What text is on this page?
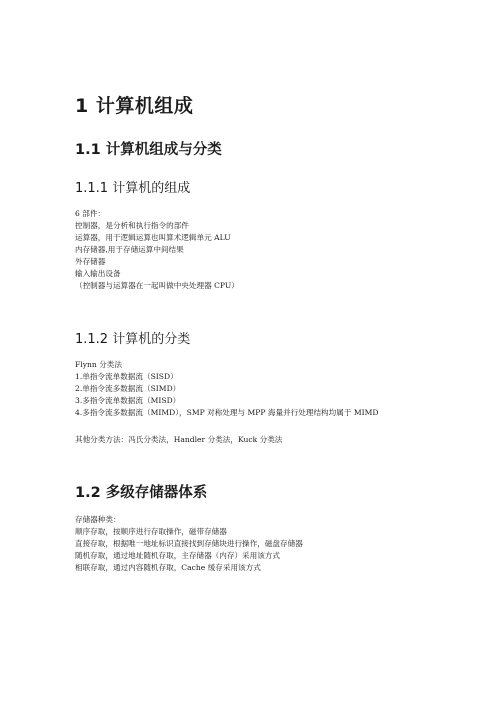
1 计算机组成
1.1 计算机组成与分类
1.1.1 计算机的组成
6 部件：
控制器，是分析和执行指令的部件
运算器，用于逻辑运算也叫算术逻辑单元 ALU
内存储器,用于存储运算中间结果
外存储器
输入输出设备
（控制器与运算器在一起叫做中央处理器 CPU）
1.1.2 计算机的分类
Flynn 分类法
1.单指令流单数据流（SISD）
2.单指令流多数据流（SIMD）
3.多指令流单数据流（MISD）
4.多指令流多数据流（MIMD），SMP 对称处理与 MPP 海量并行处理结构均属于 MIMD
其他分类方法：冯氏分类法，Handler 分类法，Kuck 分类法
1.2 多级存储器体系
存储器种类：
顺序存取，按顺序进行存取操作，磁带存储器
直接存取，根据唯一地址标识直接找到存储块进行操作，磁盘存储器
随机存取，通过地址随机存取，主存储器（内存）采用该方式
相联存取，通过内容随机存取，Cache 缓存采用该方式
